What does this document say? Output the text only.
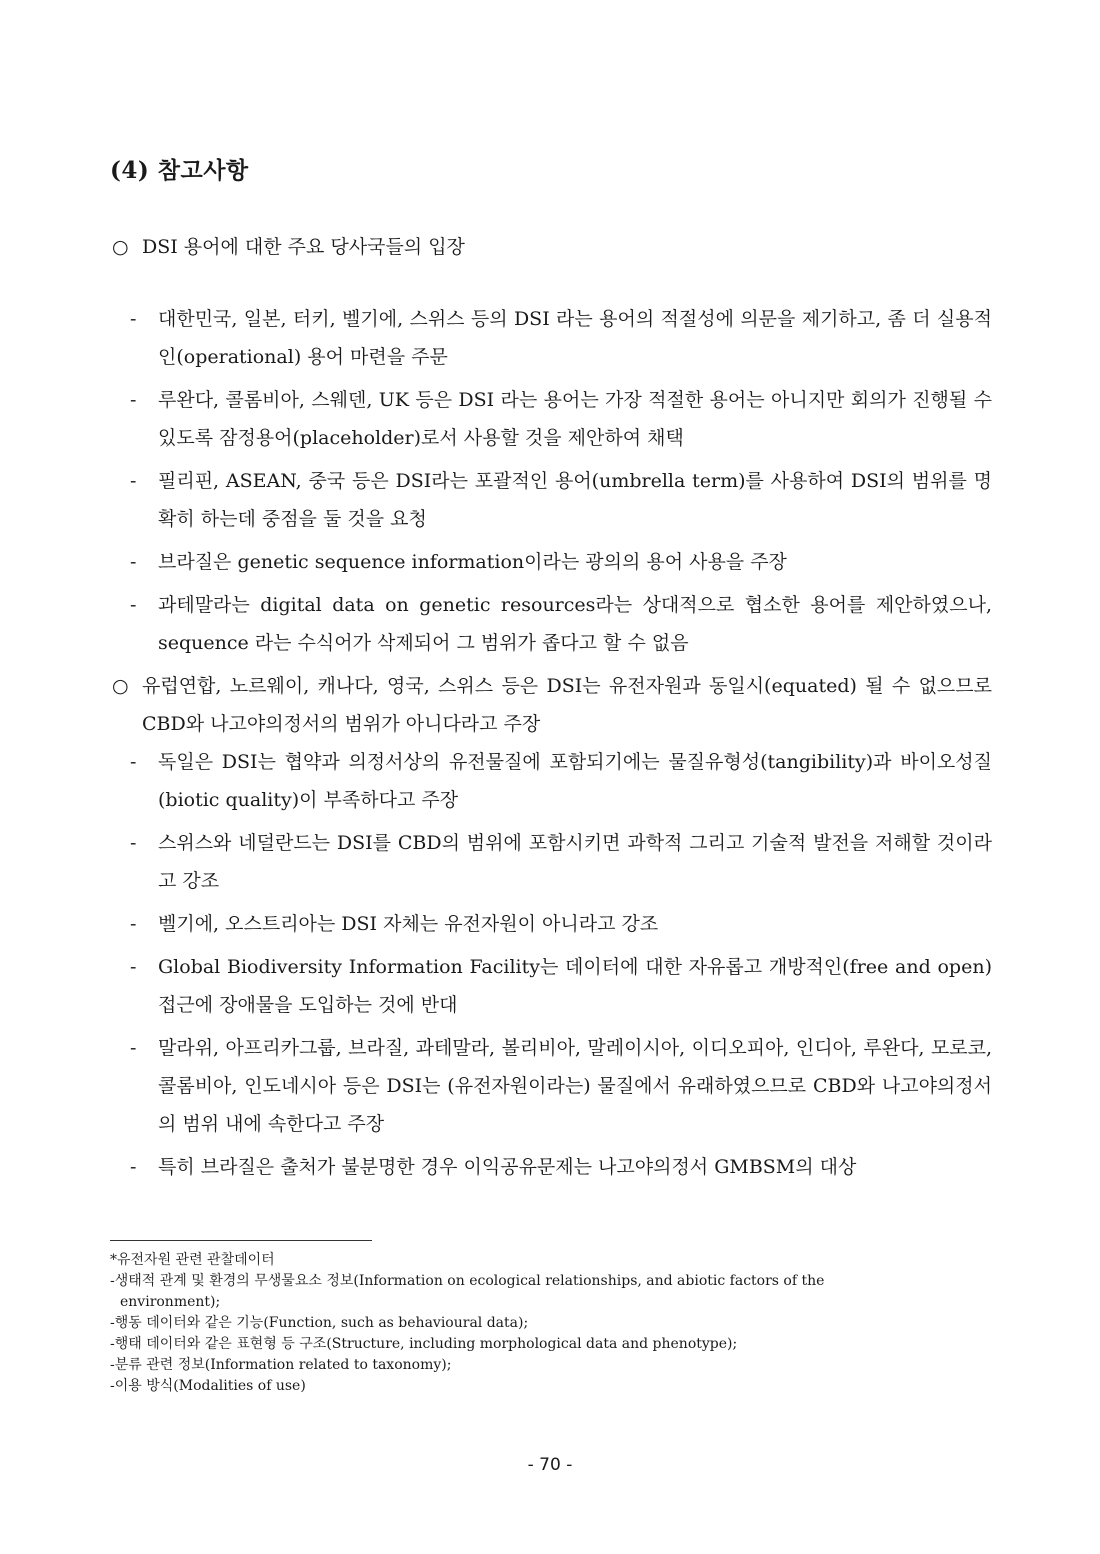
(4) 참고사항
○ DSI 용어에 대한 주요 당사국들의 입장
- 대한민국, 일본, 터키, 벨기에, 스위스 등의 DSI 라는 용어의 적절성에 의문을 제기하고, 좀 더 실용적인(operational) 용어 마련을 주문
- 루완다, 콜롬비아, 스웨덴, UK 등은 DSI 라는 용어는 가장 적절한 용어는 아니지만 회의가 진행될 수 있도록 잠정용어(placeholder)로서 사용할 것을 제안하여 채택
- 필리핀, ASEAN, 중국 등은 DSI라는 포괄적인 용어(umbrella term)를 사용하여 DSI의 범위를 명확히 하는데 중점을 둘 것을 요청
- 브라질은 genetic sequence information이라는 광의의 용어 사용을 주장
- 과테말라는 digital data on genetic resources라는 상대적으로 협소한 용어를 제안하였으나, sequence 라는 수식어가 삭제되어 그 범위가 좁다고 할 수 없음
○ 유럽연합, 노르웨이, 캐나다, 영국, 스위스 등은 DSI는 유전자원과 동일시(equated) 될 수 없으므로 CBD와 나고야의정서의 범위가 아니다라고 주장
- 독일은 DSI는 협약과 의정서상의 유전물질에 포함되기에는 물질유형성(tangibility)과 바이오성질(biotic quality)이 부족하다고 주장
- 스위스와 네덜란드는 DSI를 CBD의 범위에 포함시키면 과학적 그리고 기술적 발전을 저해할 것이라고 강조
- 벨기에, 오스트리아는 DSI 자체는 유전자원이 아니라고 강조
- Global Biodiversity Information Facility는 데이터에 대한 자유롭고 개방적인(free and open) 접근에 장애물을 도입하는 것에 반대
- 말라위, 아프리카그룹, 브라질, 과테말라, 볼리비아, 말레이시아, 이디오피아, 인디아, 루완다, 모로코, 콜롬비아, 인도네시아 등은 DSI는 (유전자원이라는) 물질에서 유래하였으므로 CBD와 나고야의정서의 범위 내에 속한다고 주장
- 특히 브라질은 출처가 불분명한 경우 이익공유문제는 나고야의정서 GMBSM의 대상
*유전자원 관련 관찰데이터
-생태적 관계 및 환경의 무생물요소 정보(Information on ecological relationships, and abiotic factors of the
environment);
-행동 데이터와 같은 기능(Function, such as behavioural data);
-행태 데이터와 같은 표현형 등 구조(Structure, including morphological data and phenotype);
-분류 관련 정보(Information related to taxonomy);
-이용 방식(Modalities of use)
- 70 -
